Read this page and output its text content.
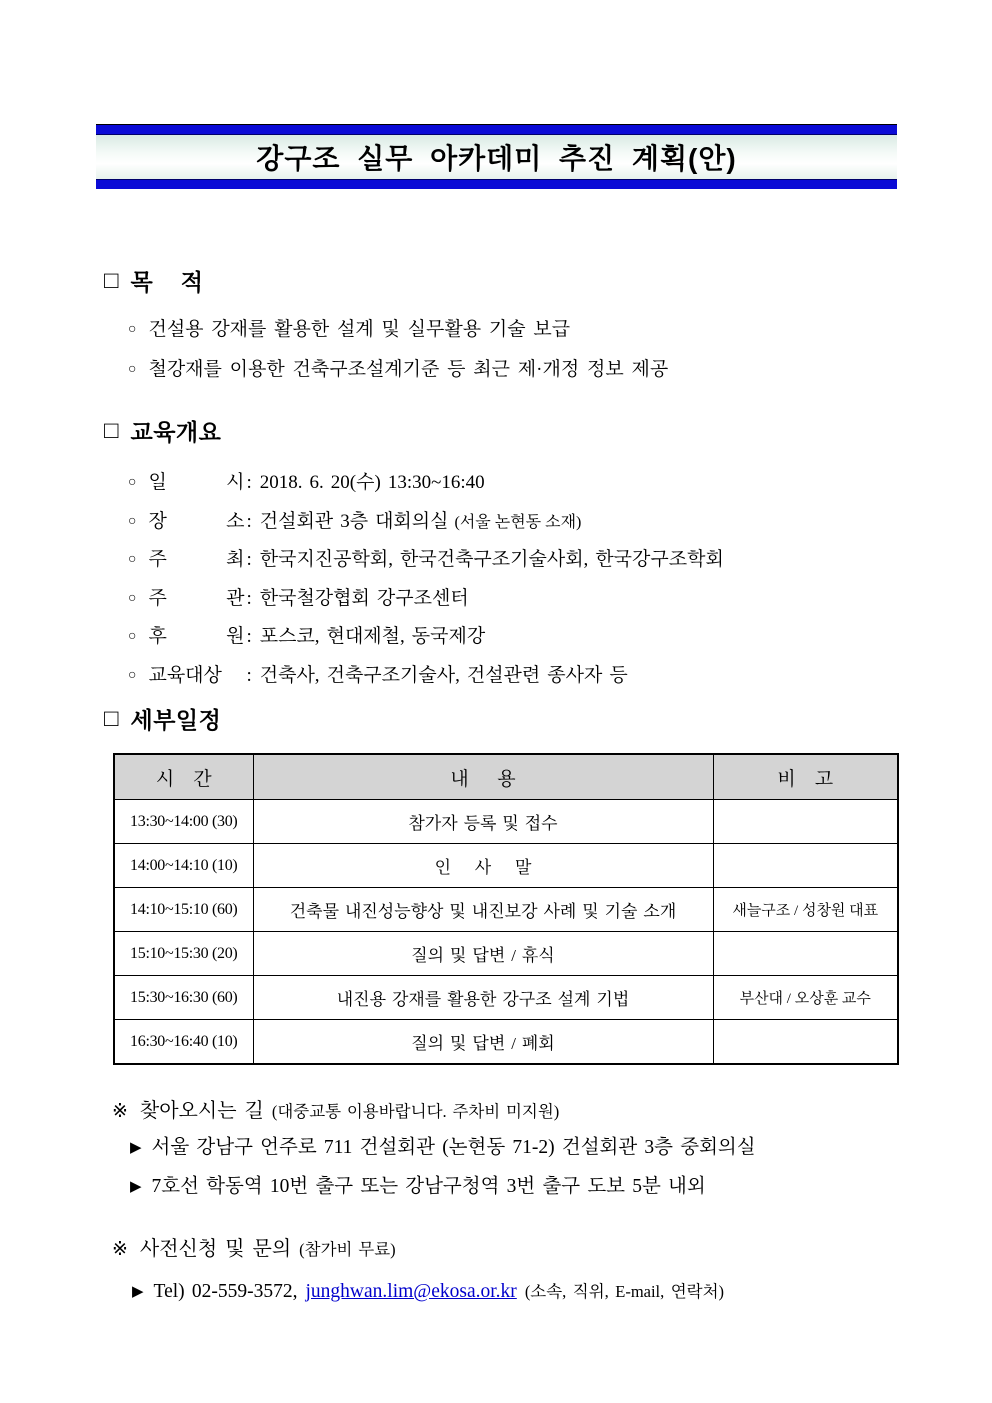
강구조 실무 아카데미 추진 계획(안)
□ 목    적
○ 건설용 강재를 활용한 설계 및 실무활용 기술 보급
○ 철강재를 이용한 건축구조설계기준 등 최근 제·개정 정보 제공
□ 교육개요
○ 일 시 : 2018. 6. 20(수) 13:30~16:40
○ 장 소 : 건설회관 3층 대회의실 (서울 논현동 소재)
○ 주 최 : 한국지진공학회, 한국건축구조기술사회, 한국강구조학회
○ 주 관 : 한국철강협회 강구조센터
○ 후 원 : 포스코, 현대제철, 동국제강
○ 교육대상	: 건축사, 건축구조기술사, 건설관련 종사자 등
□ 세부일정
시    간	내      용	비    고
13:30~14:00 (30)	참가자 등록 및 접수	
14:00~14:10 (10)	인    사    말	
14:10~15:10 (60)	건축물 내진성능향상 및 내진보강 사례 및 기술 소개	새늘구조 / 성창원 대표
15:10~15:30 (20)	질의 및 답변 / 휴식	
15:30~16:30 (60)	내진용 강재를 활용한 강구조 설계 기법	부산대 / 오상훈 교수
16:30~16:40 (10)	질의 및 답변 / 폐회	
※ 찾아오시는 길 (대중교통 이용바랍니다. 주차비 미지원)
▶ 서울 강남구 언주로 711 건설회관 (논현동 71-2) 건설회관 3층 중회의실
▶ 7호선 학동역 10번 출구 또는 강남구청역 3번 출구 도보 5분 내외
※ 사전신청 및 문의 (참가비 무료)
▶ Tel) 02-559-3572, junghwan.lim@ekosa.or.kr (소속, 직위, E-mail, 연락처)
